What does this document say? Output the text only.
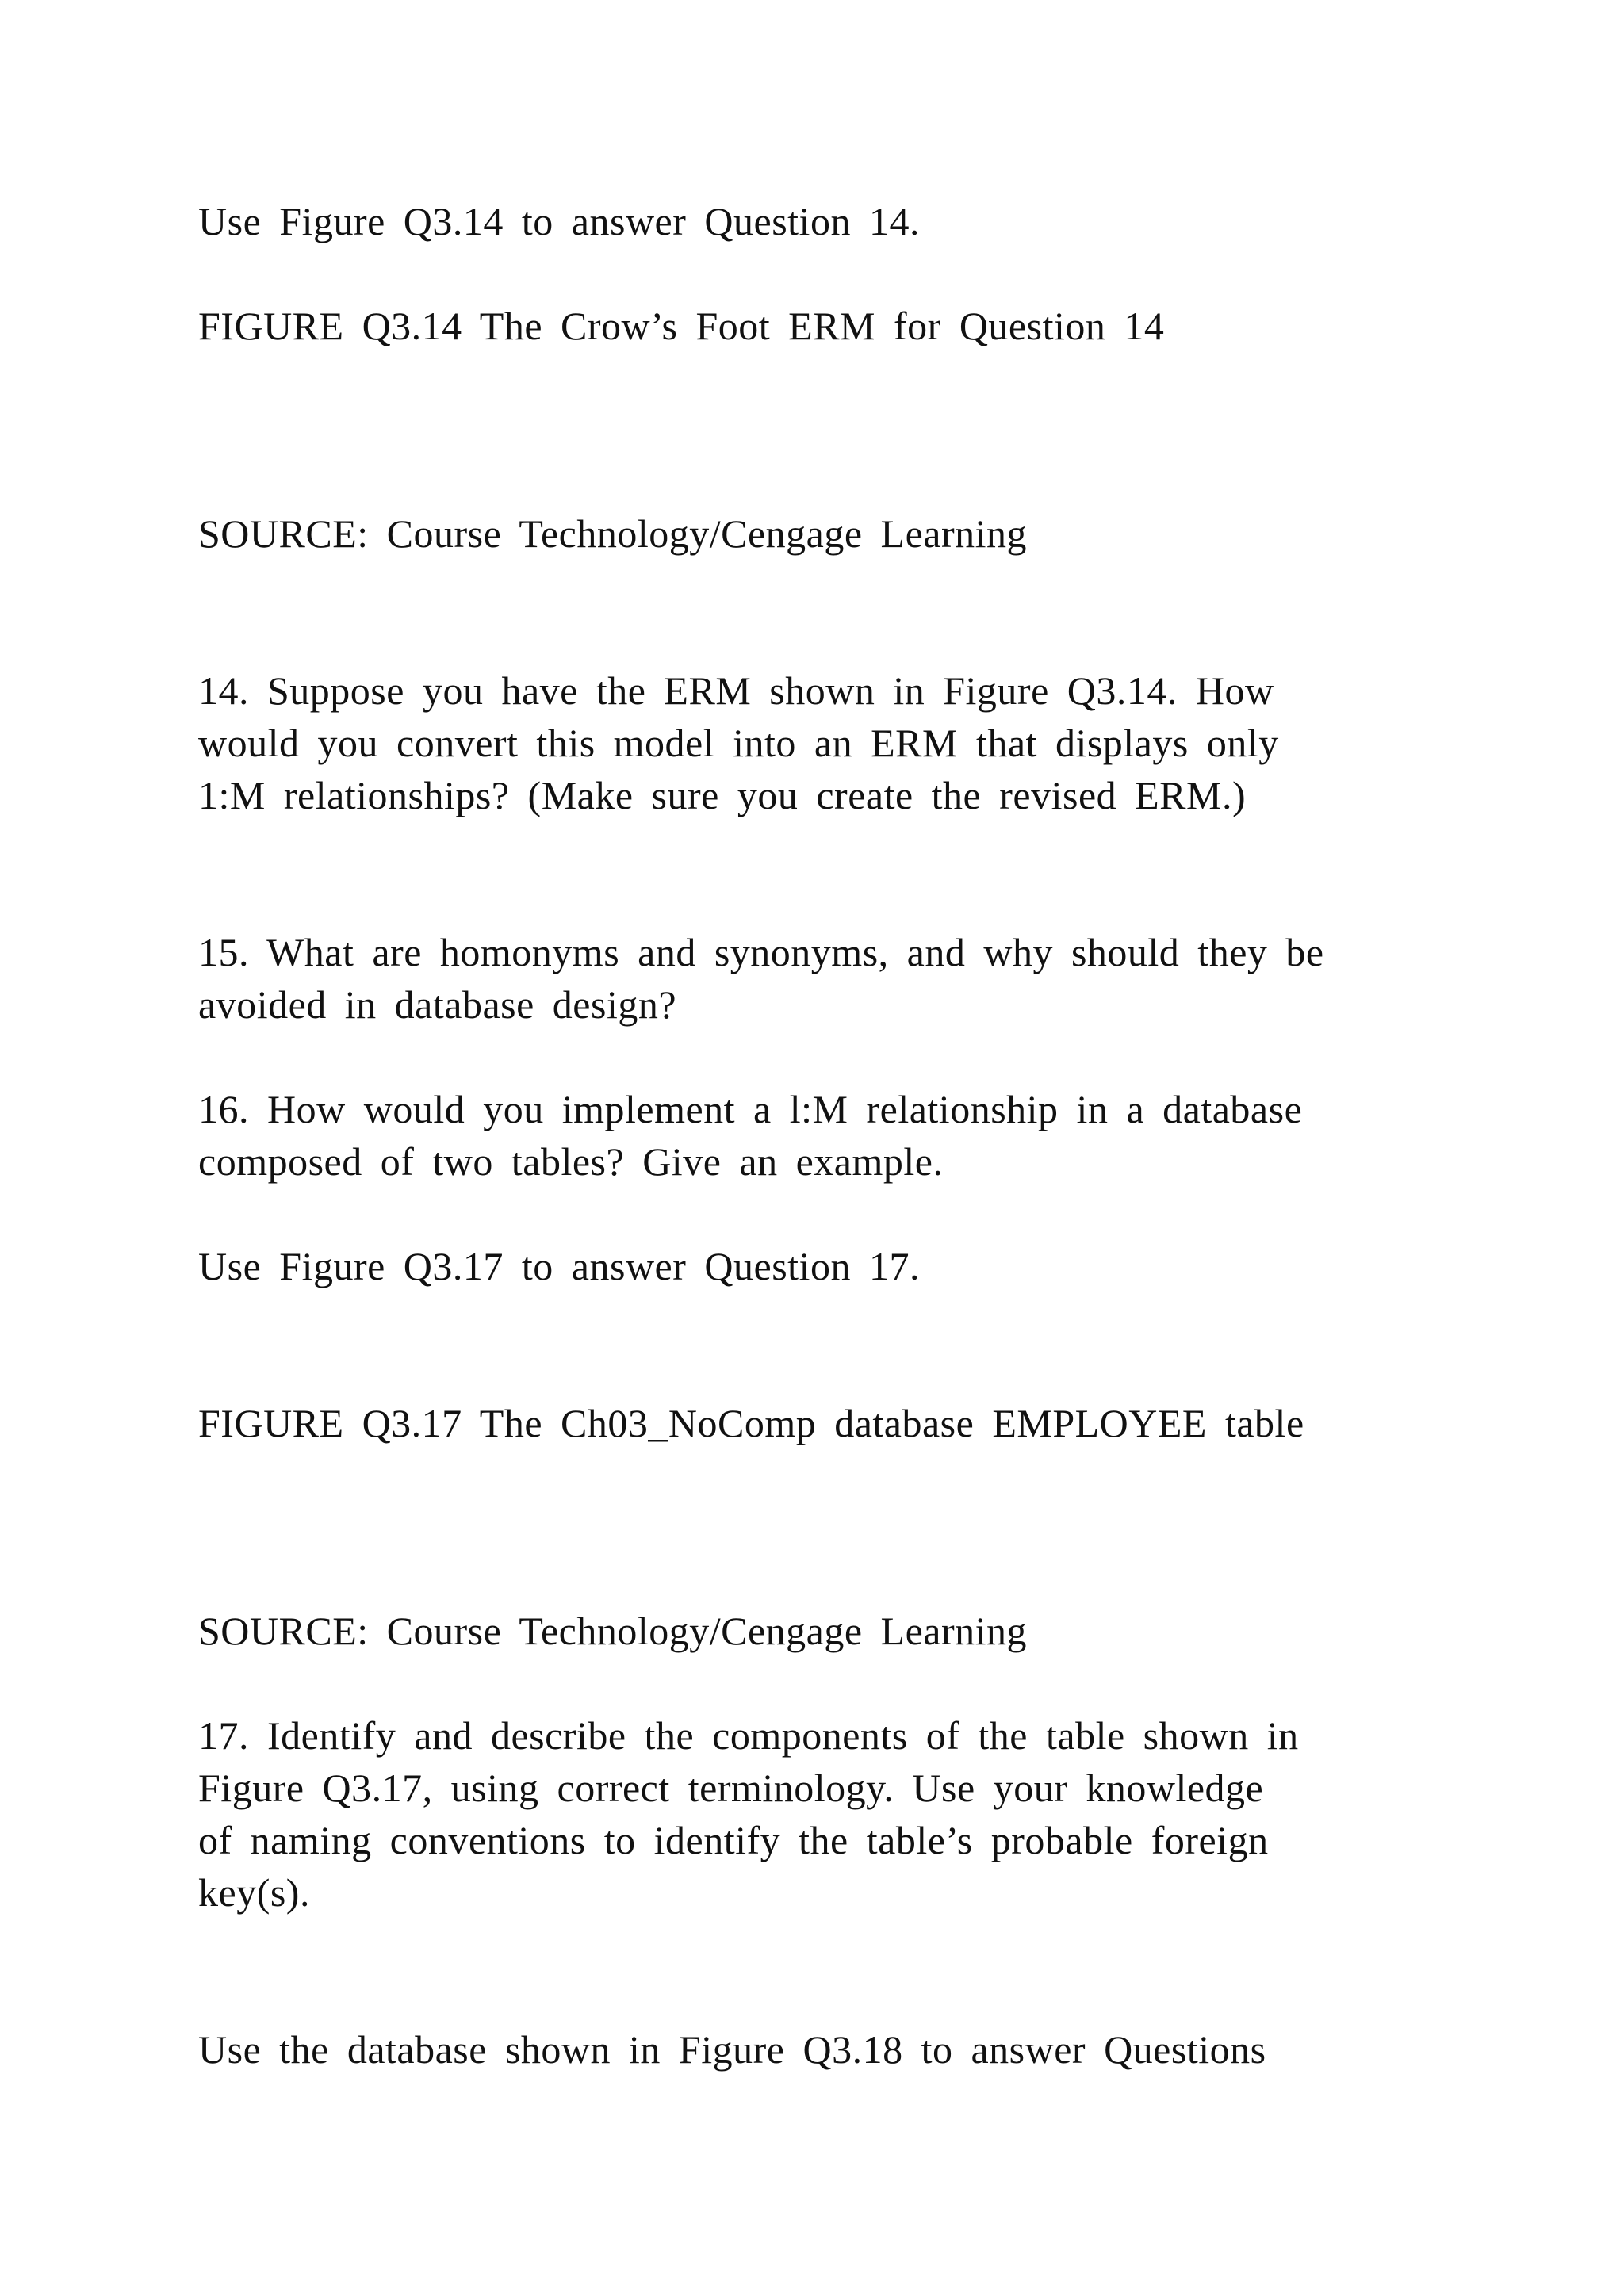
Use Figure Q3.14 to answer Question 14.

FIGURE Q3.14 The Crow’s Foot ERM for Question 14

SOURCE: Course Technology/Cengage Learning

14. Suppose you have the ERM shown in Figure Q3.14. How
would you convert this model into an ERM that displays only
1:M relationships? (Make sure you create the revised ERM.)

15. What are homonyms and synonyms, and why should they be
avoided in database design?

16. How would you implement a l:M relationship in a database
composed of two tables? Give an example.

Use Figure Q3.17 to answer Question 17.

FIGURE Q3.17 The Ch03_NoComp database EMPLOYEE table

SOURCE: Course Technology/Cengage Learning

17. Identify and describe the components of the table shown in
Figure Q3.17, using correct terminology. Use your knowledge
of naming conventions to identify the table’s probable foreign
key(s).

Use the database shown in Figure Q3.18 to answer Questions
